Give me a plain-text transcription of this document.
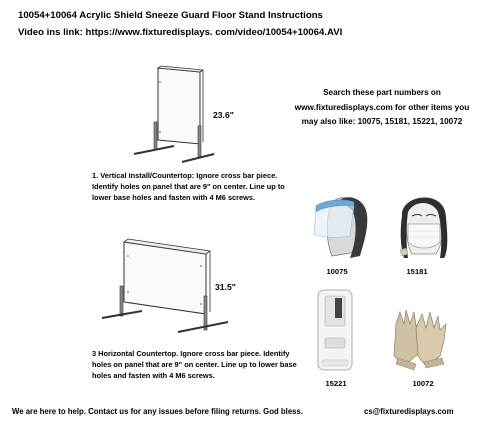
10054+10064 Acrylic Shield Sneeze Guard Floor Stand Instructions
Video ins link: https://www.fixturedisplays. com/video/10054+10064.AVI
23.6"
1. Vertical Install/Countertop: Ignore cross bar piece. Identify holes on panel that are 9" on center. Line up to lower base holes and fasten with 4 M6 screws.
31.5"
3 Horizontal Countertop. Ignore cross bar piece. Identify holes on panel that are 9" on center. Line up to lower base holes and fasten with 4 M6 screws.
Search these part numbers on www.fixturedisplays.com for other items you may also like: 10075, 15181, 15221, 10072
10075	15181
15221	10072
We are here to help. Contact us for any issues before filing returns. God bless.	cs@fixturedisplays.com
